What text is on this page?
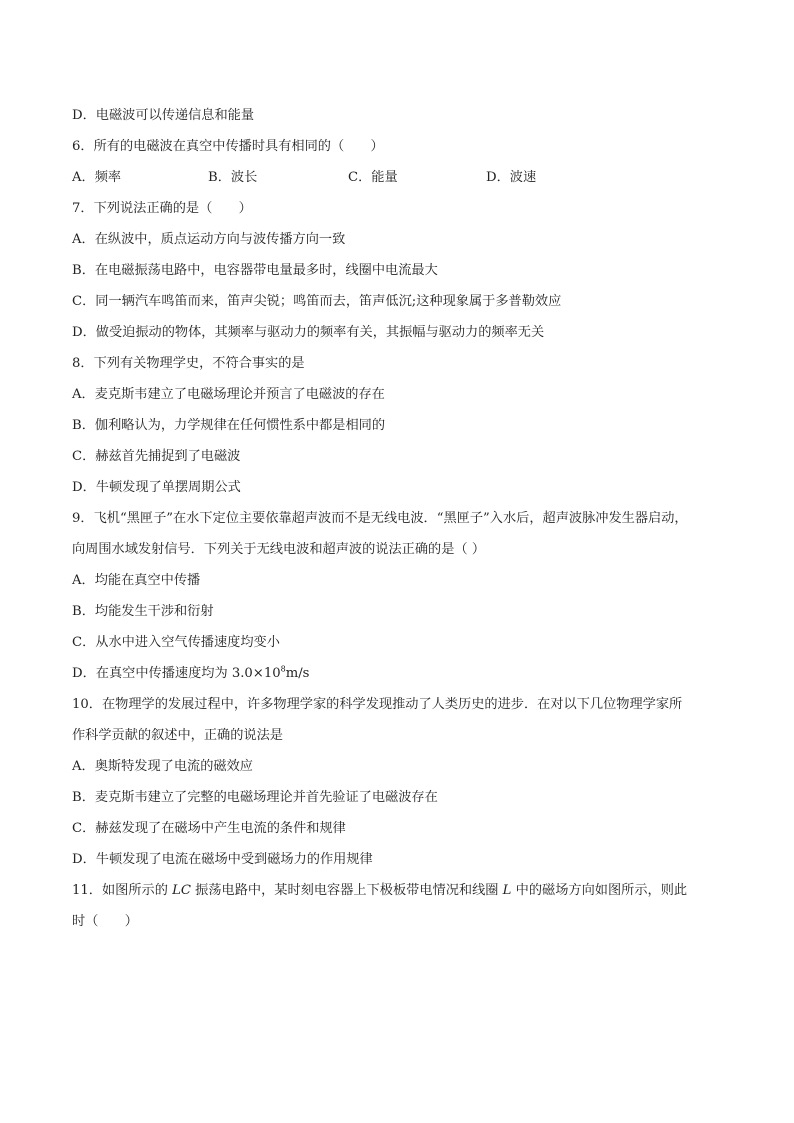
D．电磁波可以传递信息和能量
6．所有的电磁波在真空中传播时具有相同的（　　）
A．频率	B．波长	C．能量	D．波速
7．下列说法正确的是（　　）
A．在纵波中，质点运动方向与波传播方向一致
B．在电磁振荡电路中，电容器带电量最多时，线圈中电流最大
C．同一辆汽车鸣笛而来，笛声尖锐；鸣笛而去，笛声低沉;这种现象属于多普勒效应
D．做受迫振动的物体，其频率与驱动力的频率有关，其振幅与驱动力的频率无关
8．下列有关物理学史，不符合事实的是
A．麦克斯韦建立了电磁场理论并预言了电磁波的存在
B．伽利略认为，力学规律在任何惯性系中都是相同的
C．赫兹首先捕捉到了电磁波
D．牛顿发现了单摆周期公式
9．飞机“黑匣子”在水下定位主要依靠超声波而不是无线电波．“黑匣子”入水后，超声波脉冲发生器启动，
向周围水域发射信号．下列关于无线电波和超声波的说法正确的是（ ）
A．均能在真空中传播
B．均能发生干涉和衍射
C．从水中进入空气传播速度均变小
D．在真空中传播速度均为 $3.0\times 10^8m/s$
10．在物理学的发展过程中，许多物理学家的科学发现推动了人类历史的进步．在对以下几位物理学家所
作科学贡献的叙述中，正确的说法是
A．奥斯特发现了电流的磁效应
B．麦克斯韦建立了完整的电磁场理论并首先验证了电磁波存在
C．赫兹发现了在磁场中产生电流的条件和规律
D．牛顿发现了电流在磁场中受到磁场力的作用规律
11．如图所示的 LC 振荡电路中，某时刻电容器上下极板带电情况和线圈 L 中的磁场方向如图所示，则此
时（　　）
